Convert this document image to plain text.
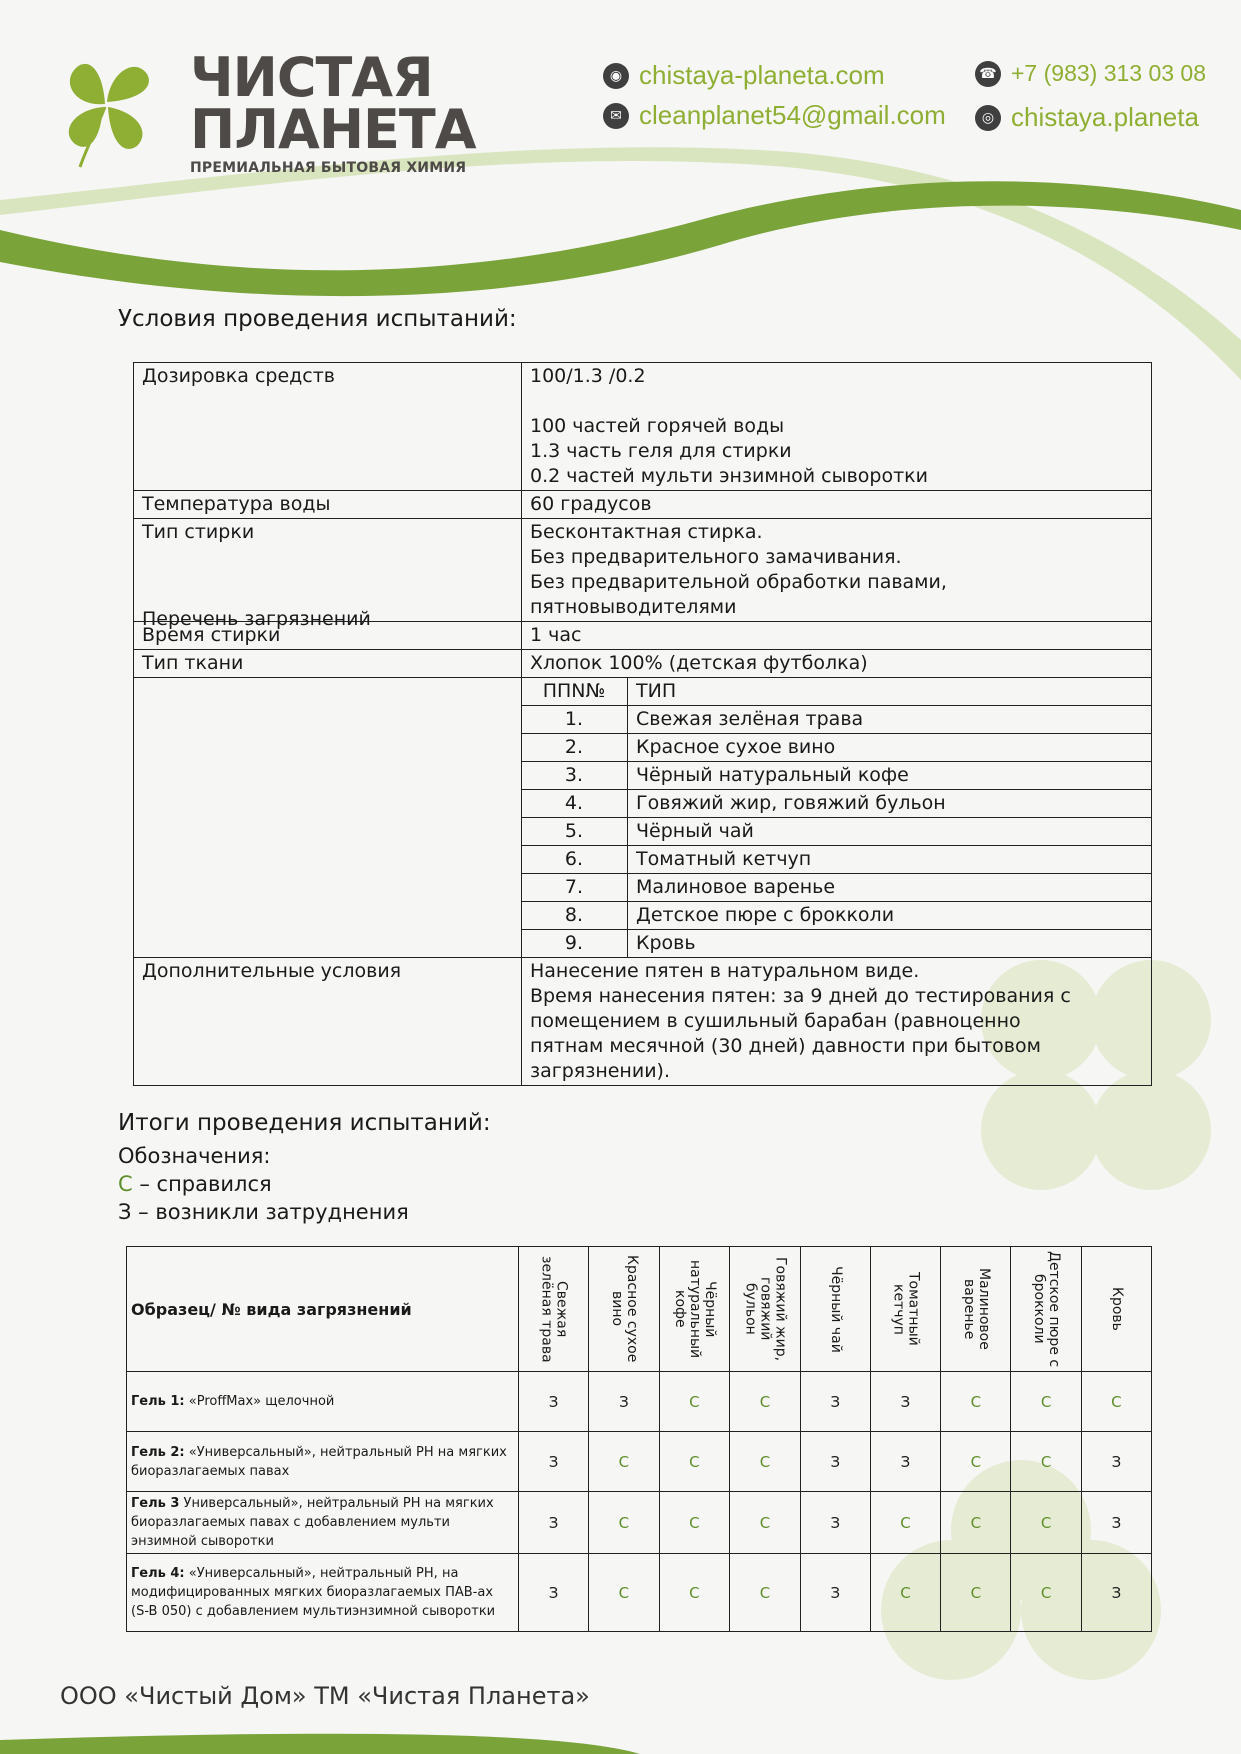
ЧИСТАЯ
ПЛАНЕТА
ПРЕМИАЛЬНАЯ БЫТОВАЯ ХИМИЯ
◉ chistaya-planeta.com
✉ cleanplanet54@gmail.com
☎ +7 (983) 313 03 08
◎ chistaya.planeta
Условия проведения испытаний:
Дозировка средств	100/1.3 /0.2
100 частей горячей воды
1.3 часть геля для стирки
0.2 частей мульти энзимной сыворотки

Температура воды	60 градусов
Тип стирки	Бесконтактная стирка.
Без предварительного замачивания.
Без предварительной обработки павами, пятновыводителями

Время стирки	1 час
Тип ткани	Хлопок 100% (детская футболка)

Перечень загрязнений

ППN№	ТИП
1.	Свежая зелёная трава
2.	Красное сухое вино
3.	Чёрный натуральный кофе
4.	Говяжий жир, говяжий бульон
5.	Чёрный чай
6.	Томатный кетчуп
7.	Малиновое варенье
8.	Детское пюре с брокколи
9.	Кровь

Дополнительные условия	Нанесение пятен в натуральном виде.
Время нанесения пятен: за 9 дней до тестирования с помещением в сушильный барабан (равноценно пятнам месячной (30 дней) давности при бытовом загрязнении).
Итоги проведения испытаний:
Обозначения:
С – справился
З – возникли затруднения
Образец/ № вида загрязнений	Свежая зелёная трава	Красное сухое вино	Чёрный натуральный кофе	Говяжий жир, говяжий бульон	Чёрный чай	Томатный кетчуп	Малиновое варенье	Детское пюре с брокколи	Кровь

Гель 1: «ProffMax» щелочной	З	З	С	С	З	З	С	С	С
Гель 2: «Универсальный», нейтральный РН на мягких биоразлагаемых павах	З	С	С	С	З	З	С	С	З
Гель 3 Универсальный», нейтральный РН на мягких биоразлагаемых павах с добавлением мульти энзимной сыворотки	З	С	С	С	З	С	С	С	З
Гель 4: «Универсальный», нейтральный РН, на модифицированных мягких биоразлагаемых ПАВ-ах (S-B 050) с добавлением мультиэнзимной сыворотки	З	С	С	С	З	С	С	С	З
ООО «Чистый Дом» ТМ «Чистая Планета»
